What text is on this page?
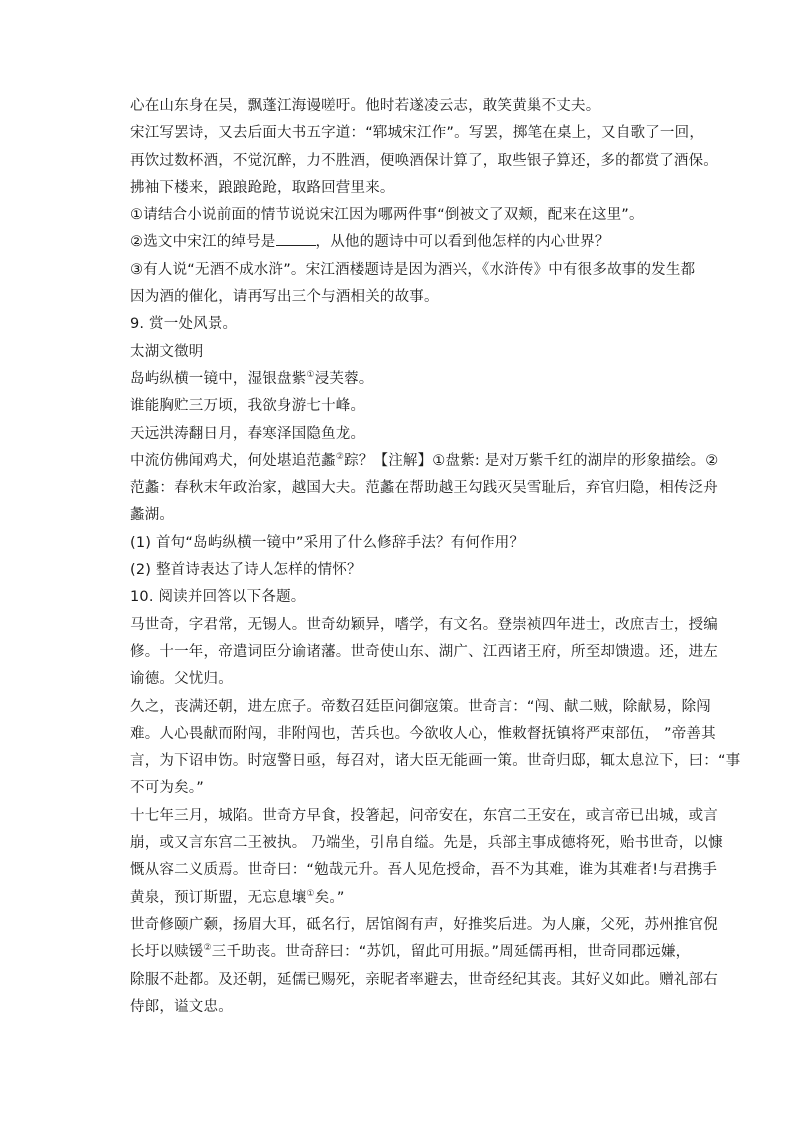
心在山东身在吴，飘蓬江海谩嗟吁。他时若遂凌云志，敢笑黄巢不丈夫。
宋江写罢诗，又去后面大书五字道：“郓城宋江作”。写罢，掷笔在桌上，又自歌了一回，
再饮过数杯酒，不觉沉醉，力不胜酒，便唤酒保计算了，取些银子算还，多的都赏了酒保。
拂袖下楼来，踉踉跄跄，取路回营里来。
①请结合小说前面的情节说说宋江因为哪两件事“倒被文了双颊，配来在这里”。
②选文中宋江的绰号是	，从他的题诗中可以看到他怎样的内心世界？
③有人说“无酒不成水浒”。宋江酒楼题诗是因为酒兴，《水浒传》中有很多故事的发生都
因为酒的催化，请再写出三个与酒相关的故事。
9. 赏一处风景。
太湖文徵明
岛屿纵横一镜中，湿银盘紫①浸芙蓉。
谁能胸贮三万顷，我欲身游七十峰。
天远洪涛翻日月，春寒泽国隐鱼龙。
中流仿佛闻鸡犬，何处堪追范蠡②踪？【注解】①盘紫: 是对万紫千红的湖岸的形象描绘。②
范蠡：春秋末年政治家，越国大夫。范蠡在帮助越王勾践灭吴雪耻后，弃官归隐，相传泛舟
蠡湖。
(1) 首句“岛屿纵横一镜中”采用了什么修辞手法？有何作用？
(2) 整首诗表达了诗人怎样的情怀？
10. 阅读并回答以下各题。
马世奇，字君常，无锡人。世奇幼颖异，嗜学，有文名。登崇祯四年进士，改庶吉士，授编
修。十一年，帝遣词臣分谕诸藩。世奇使山东、湖广、江西诸王府，所至却馈遗。还，进左
谕德。父忧归。
久之，丧满还朝，进左庶子。帝数召廷臣问御寇策。世奇言：“闯、献二贼，除献易，除闯
难。人心畏献而附闯，非附闯也，苦兵也。今欲收人心，惟敕督抚镇将严束部伍， ”帝善其
言，为下诏申饬。时寇警日亟，每召对，诸大臣无能画一策。世奇归邸，辄太息泣下，曰：“事
不可为矣。”
十七年三月，城陷。世奇方早食，投箸起，问帝安在，东宫二王安在，或言帝已出城，或言
崩，或又言东宫二王被执。 乃端坐，引帛自缢。先是，兵部主事成德将死，贻书世奇，以慷
慨从容二义质焉。世奇曰：“勉哉元升。吾人见危授命，吾不为其难，谁为其难者!与君携手
黄泉，预订斯盟，无忘息壤①矣。”
世奇修颐广颡，扬眉大耳，砥名行，居馆阁有声，好推奖后进。为人廉，父死，苏州推官倪
长圩以赎锾②三千助丧。世奇辞曰：“苏饥，留此可用振。”周延儒再相，世奇同郡远嫌，
除服不赴都。及还朝，延儒已赐死，亲昵者率避去，世奇经纪其丧。其好义如此。赠礼部右
侍郎，谥文忠。
